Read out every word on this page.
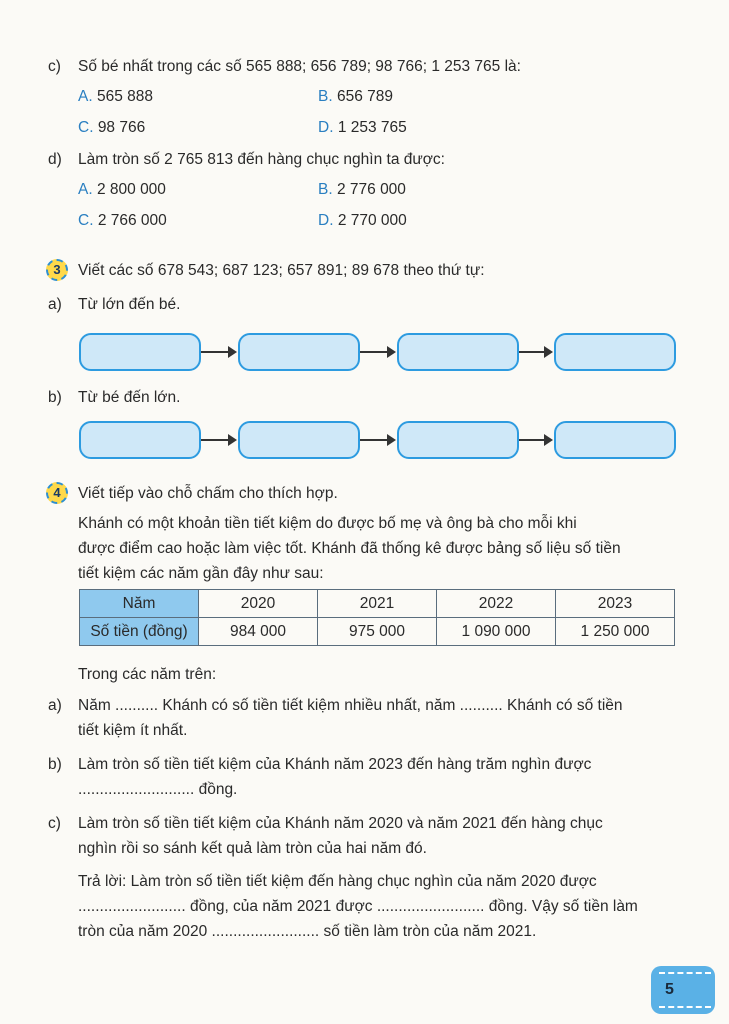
c) Số bé nhất trong các số 565 888; 656 789; 98 766; 1 253 765 là:
A. 565 888	B. 656 789
C. 98 766	D. 1 253 765
d) Làm tròn số 2 765 813 đến hàng chục nghìn ta được:
A. 2 800 000	B. 2 776 000
C. 2 766 000	D. 2 770 000
3	Viết các số 678 543; 687 123; 657 891; 89 678 theo thứ tự:
a) Từ lớn đến bé.
b) Từ bé đến lớn.
4	Viết tiếp vào chỗ chấm cho thích hợp.
Khánh có một khoản tiền tiết kiệm do được bố mẹ và ông bà cho mỗi khi
được điểm cao hoặc làm việc tốt. Khánh đã thống kê được bảng số liệu số tiền
tiết kiệm các năm gần đây như sau:
Năm	2020	2021	2022	2023
Số tiền (đồng)	984 000	975 000	1 090 000	1 250 000
Trong các năm trên:
a) Năm .......... Khánh có số tiền tiết kiệm nhiều nhất, năm .......... Khánh có số tiền
tiết kiệm ít nhất.
b) Làm tròn số tiền tiết kiệm của Khánh năm 2023 đến hàng trăm nghìn được
........................... đồng.
c) Làm tròn số tiền tiết kiệm của Khánh năm 2020 và năm 2021 đến hàng chục
nghìn rồi so sánh kết quả làm tròn của hai năm đó.
Trả lời: Làm tròn số tiền tiết kiệm đến hàng chục nghìn của năm 2020 được
......................... đồng, của năm 2021 được ......................... đồng. Vậy số tiền làm
tròn của năm 2020 ......................... số tiền làm tròn của năm 2021.
5
